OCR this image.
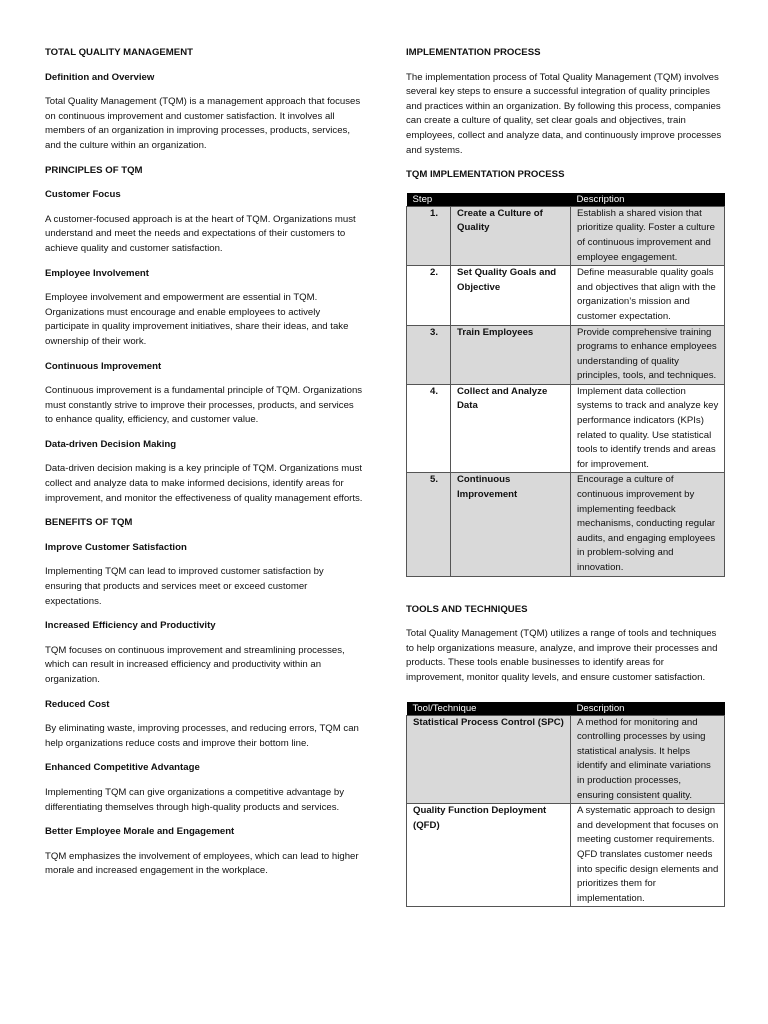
TOTAL QUALITY MANAGEMENT
Definition and Overview
Total Quality Management (TQM) is a management approach that focuses on continuous improvement and customer satisfaction. It involves all members of an organization in improving processes, products, services, and the culture within an organization.
PRINCIPLES OF TQM
Customer Focus
A customer-focused approach is at the heart of TQM. Organizations must understand and meet the needs and expectations of their customers to achieve quality and customer satisfaction.
Employee Involvement
Employee involvement and empowerment are essential in TQM. Organizations must encourage and enable employees to actively participate in quality improvement initiatives, share their ideas, and take ownership of their work.
Continuous Improvement
Continuous improvement is a fundamental principle of TQM. Organizations must constantly strive to improve their processes, products, and services to enhance quality, efficiency, and customer value.
Data-driven Decision Making
Data-driven decision making is a key principle of TQM. Organizations must collect and analyze data to make informed decisions, identify areas for improvement, and monitor the effectiveness of quality management efforts.
BENEFITS OF TQM
Improve Customer Satisfaction
Implementing TQM can lead to improved customer satisfaction by ensuring that products and services meet or exceed customer expectations.
Increased Efficiency and Productivity
TQM focuses on continuous improvement and streamlining processes, which can result in increased efficiency and productivity within an organization.
Reduced Cost
By eliminating waste, improving processes, and reducing errors, TQM can help organizations reduce costs and improve their bottom line.
Enhanced Competitive Advantage
Implementing TQM can give organizations a competitive advantage by differentiating themselves through high-quality products and services.
Better Employee Morale and Engagement
TQM emphasizes the involvement of employees, which can lead to higher morale and increased engagement in the workplace.
IMPLEMENTATION PROCESS
The implementation process of Total Quality Management (TQM) involves several key steps to ensure a successful integration of quality principles and practices within an organization. By following this process, companies can create a culture of quality, set clear goals and objectives, train employees, collect and analyze data, and continuously improve processes and systems.
TQM IMPLEMENTATION PROCESS
Step		Description
1.	Create a Culture of Quality	Establish a shared vision that prioritize quality. Foster a culture of continuous improvement and employee engagement.
2.	Set Quality Goals and Objective	Define measurable quality goals and objectives that align with the organization’s mission and customer expectation.
3.	Train Employees	Provide comprehensive training programs to enhance employees understanding of quality principles, tools, and techniques.
4.	Collect and Analyze Data	Implement data collection systems to track and analyze key performance indicators (KPIs) related to quality. Use statistical tools to identify trends and areas for improvement.
5.	Continuous Improvement	Encourage a culture of continuous improvement by implementing feedback mechanisms, conducting regular audits, and engaging employees in problem-solving and innovation.
TOOLS AND TECHNIQUES
Total Quality Management (TQM) utilizes a range of tools and techniques to help organizations measure, analyze, and improve their processes and products. These tools enable businesses to identify areas for improvement, monitor quality levels, and ensure customer satisfaction.
Tool/Technique	Description
Statistical Process Control (SPC)	A method for monitoring and controlling processes by using statistical analysis. It helps identify and eliminate variations in production processes, ensuring consistent quality.
Quality Function Deployment (QFD)	A systematic approach to design and development that focuses on meeting customer requirements. QFD translates customer needs into specific design elements and prioritizes them for implementation.
